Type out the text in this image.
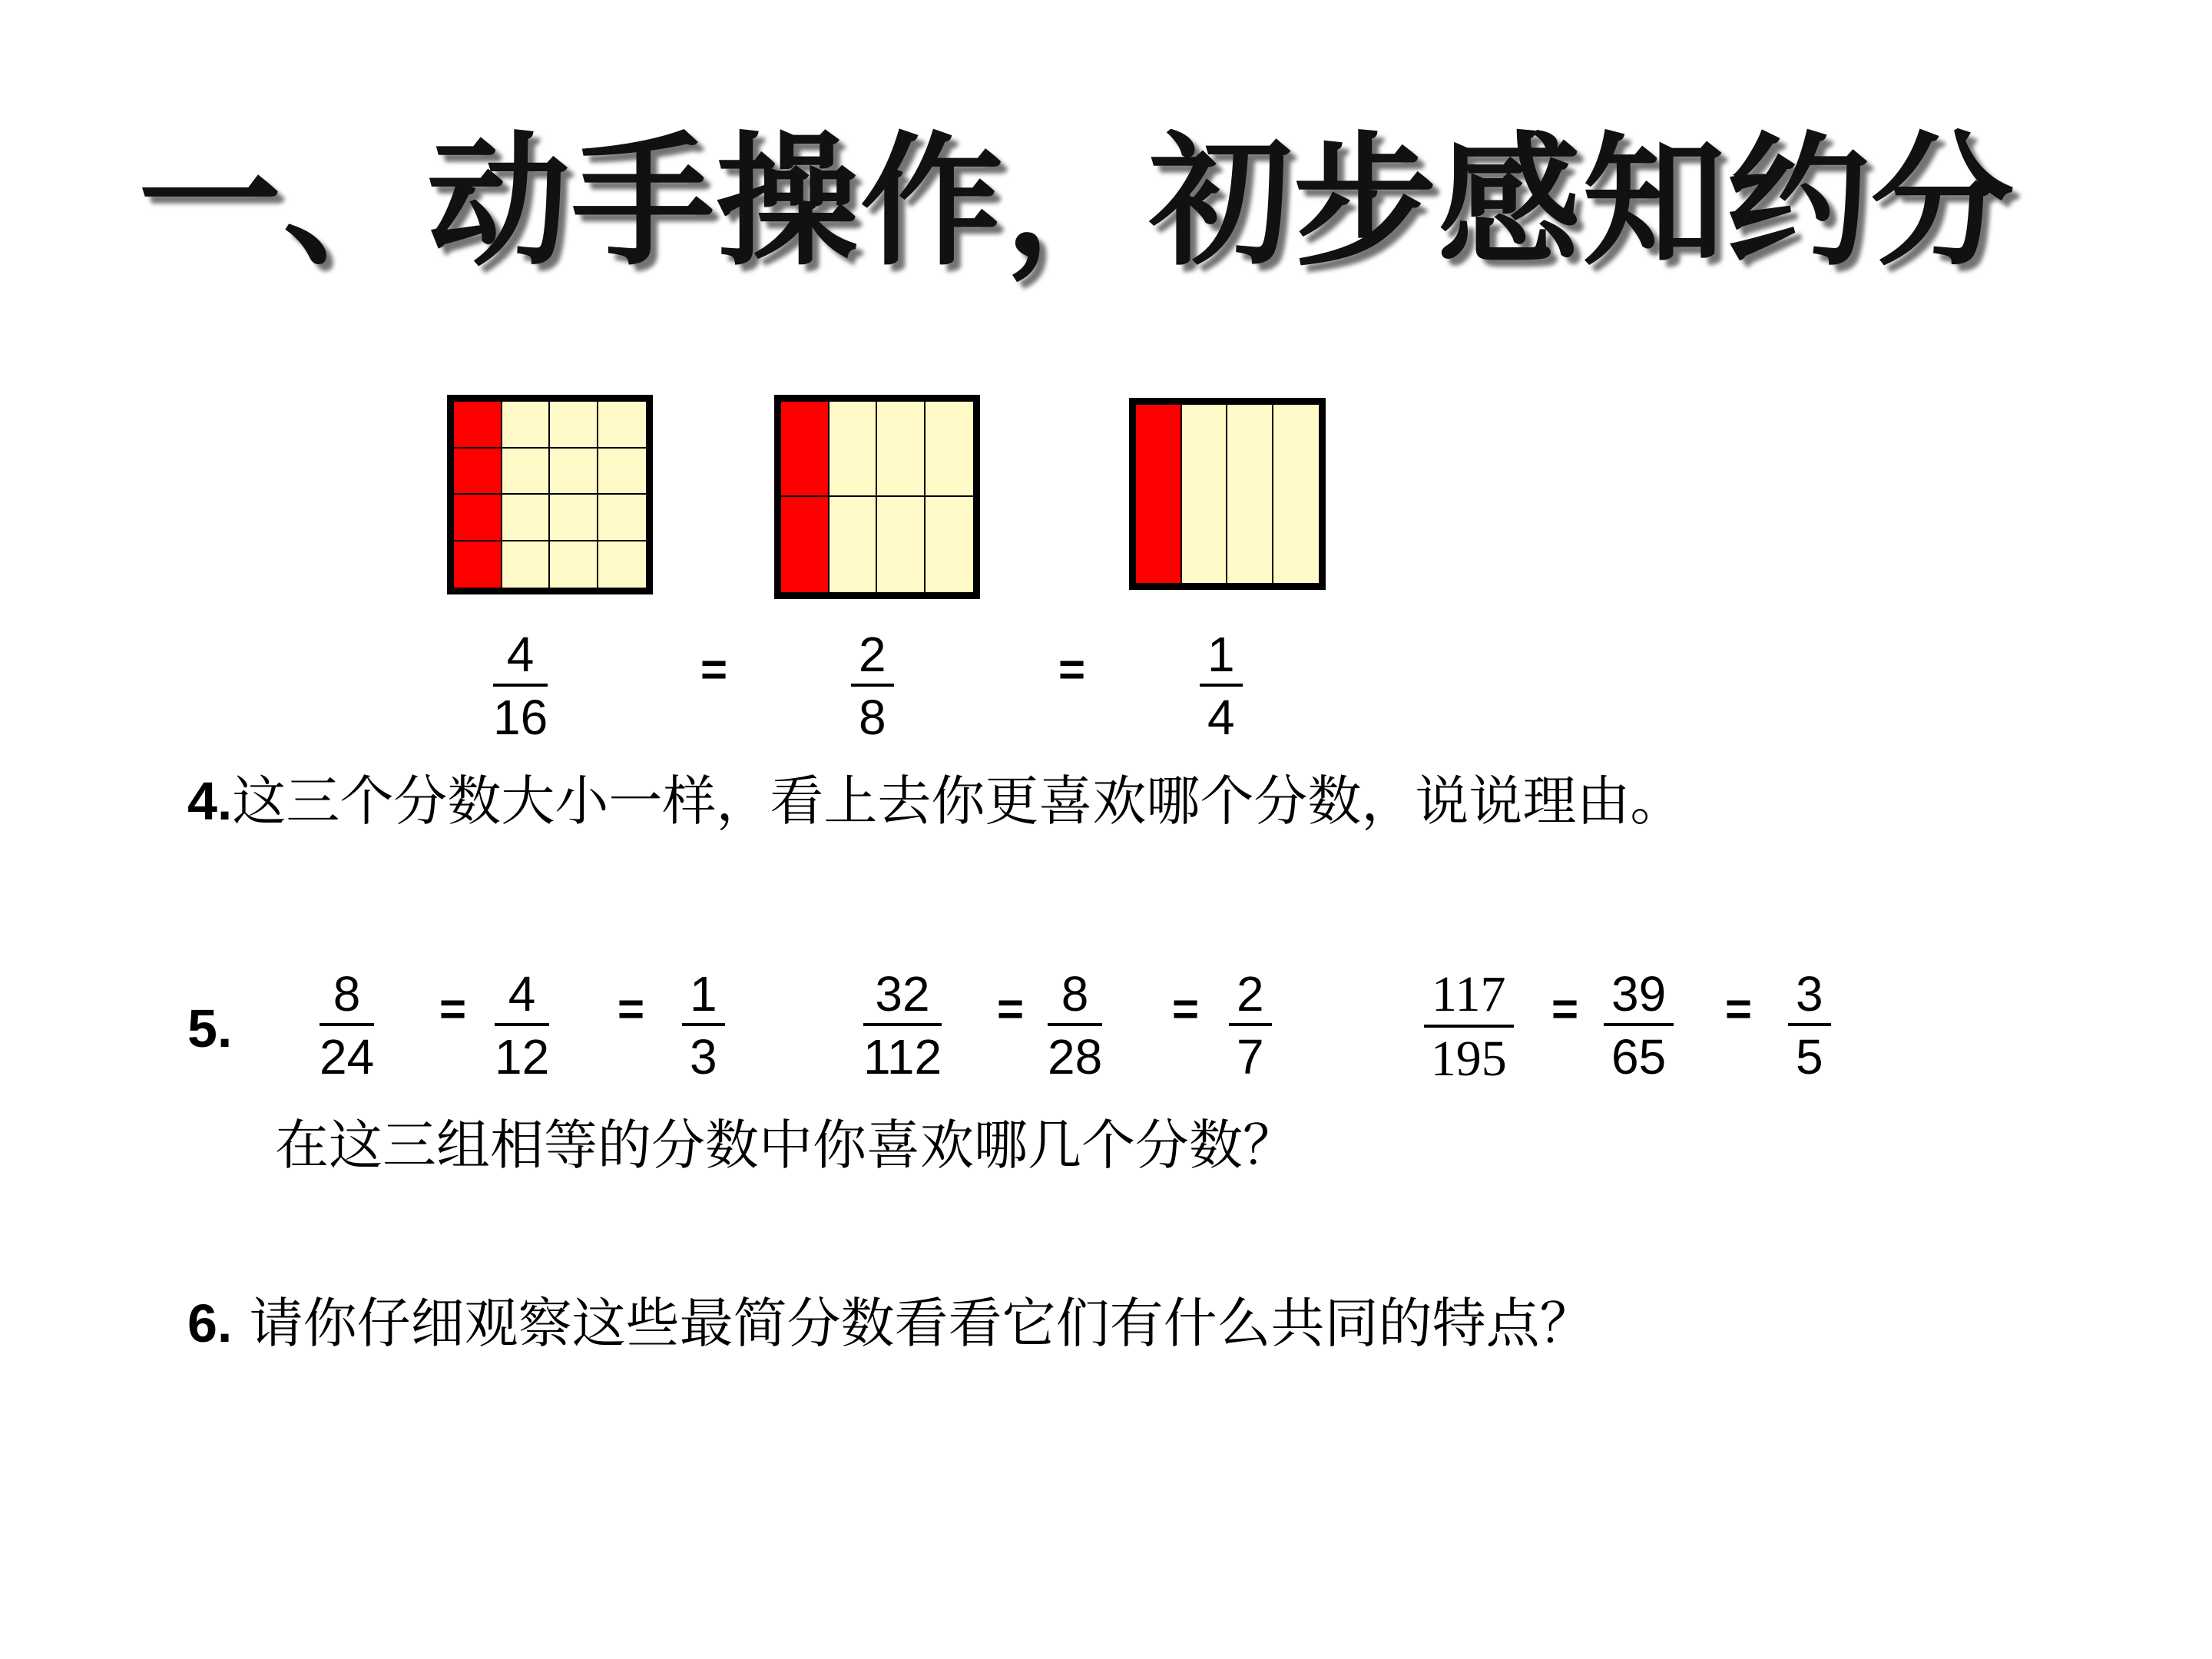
一、动手操作，初步感知约分
4
16
=	2
8
= 1
4
4.这三个分数大小一样，看上去你更喜欢哪个分数，说说理由。
5.
8
24
= 4
12
= 1
3
32
112
= 8
28
= 2
7
117
195
= 39
65
= 3
5
在这三组相等的分数中你喜欢哪几个分数？
6. 请你仔细观察这些最简分数看看它们有什么共同的特点？
